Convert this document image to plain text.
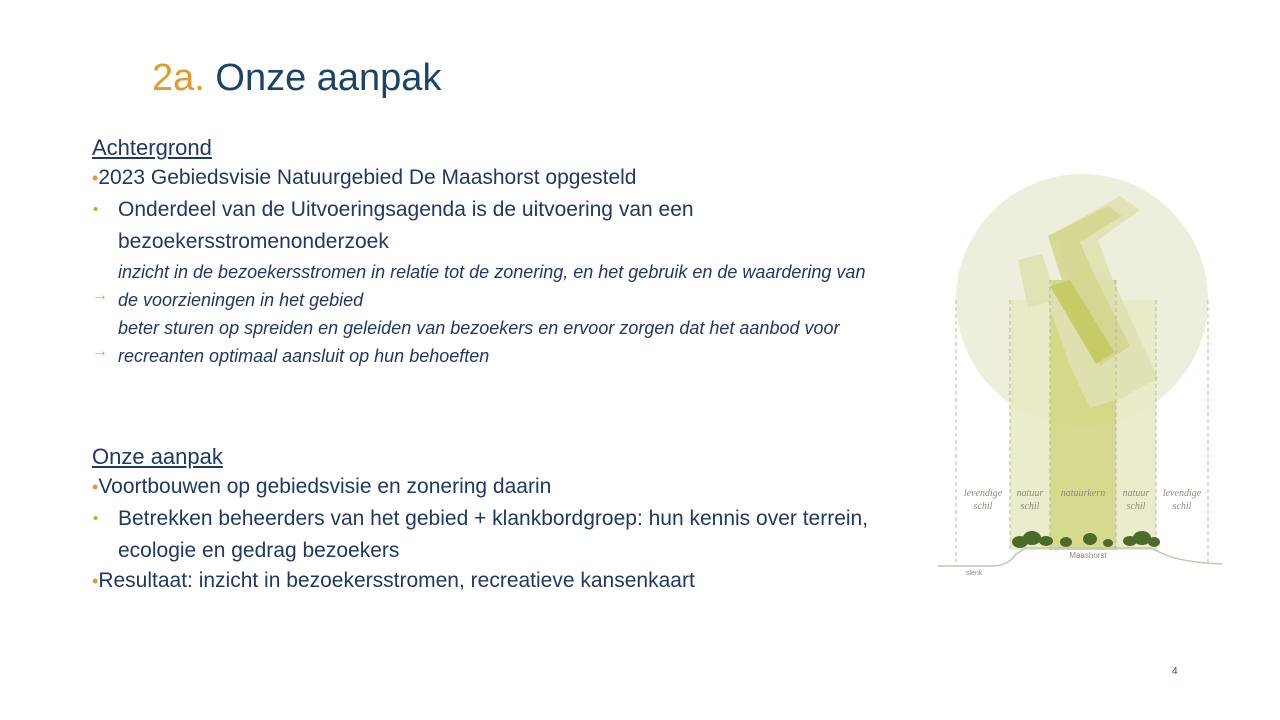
2a. Onze aanpak
Achtergrond
•2023 Gebiedsvisie Natuurgebied De Maashorst opgesteld
• Onderdeel van de Uitvoeringsagenda is de uitvoering van een bezoekersstromenonderzoek
→
inzicht in de bezoekersstromen in relatie tot de zonering, en het gebruik en de waardering van de voorzieningen in het gebied
→
beter sturen op spreiden en geleiden van bezoekers en ervoor zorgen dat het aanbod voor recreanten optimaal aansluit op hun behoeften
Onze aanpak
•Voortbouwen op gebiedsvisie en zonering daarin
• Betrekken beheerders van het gebied + klankbordgroep: hun kennis over terrein, ecologie en gedrag bezoekers
•Resultaat: inzicht in bezoekersstromen, recreatieve kansenkaart
levendige
schil
natuur
schil
natuurkern natuur
schil
levendige
schil
Maashorst
slenk
4
